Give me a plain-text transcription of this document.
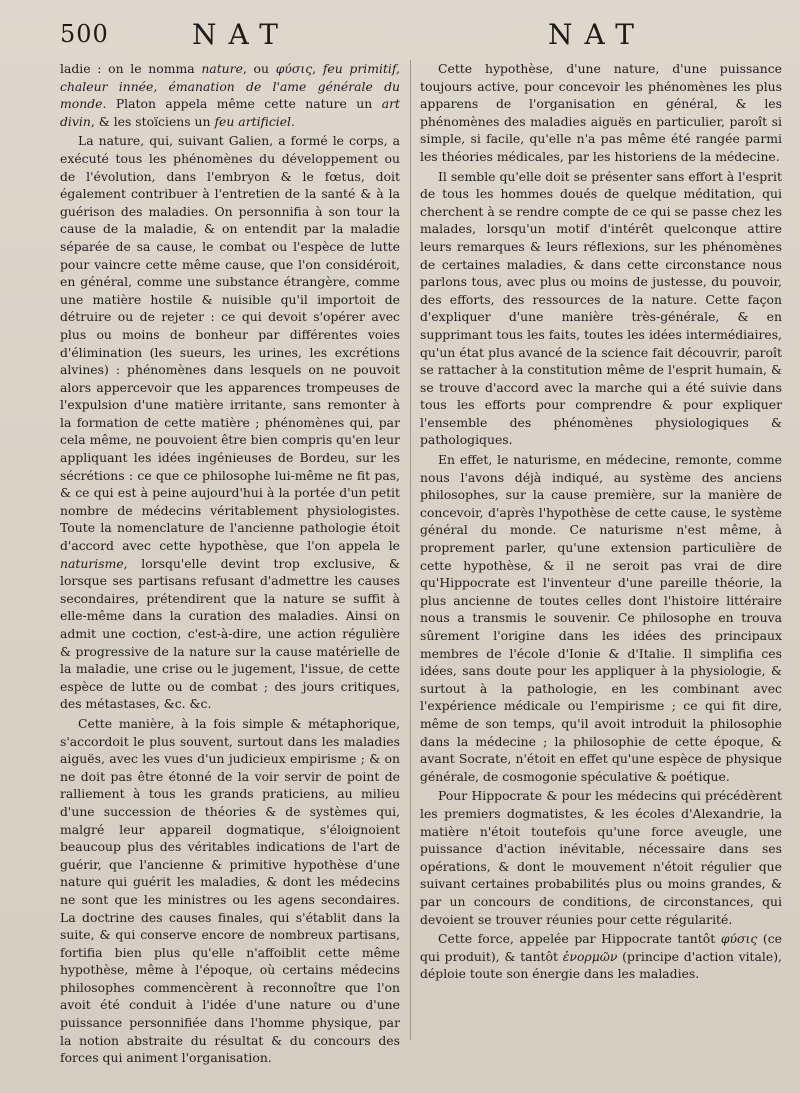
500	NAT	NAT

ladie : on le nomma nature, ou φύσις, feu primitif, chaleur innée, émanation de l'ame générale du monde. Platon appela même cette nature un art divin, & les stoïciens un feu artificiel.

La nature, qui, suivant Galien, a formé le corps, a exécuté tous les phénomènes du développement ou de l'évolution, dans l'embryon & le fœtus, doit également contribuer à l'entretien de la santé & à la guérison des maladies. On personnifia à son tour la cause de la maladie, & on entendit par la maladie séparée de sa cause, le combat ou l'espèce de lutte pour vaincre cette même cause, que l'on considéroit, en général, comme une substance étrangère, comme une matière hostile & nuisible qu'il importoit de détruire ou de rejeter : ce qui devoit s'opérer avec plus ou moins de bonheur par différentes voies d'élimination (les sueurs, les urines, les excrétions alvines) : phénomènes dans lesquels on ne pouvoit alors appercevoir que les apparences trompeuses de l'expulsion d'une matière irritante, sans remonter à la formation de cette matière ; phénomènes qui, par cela même, ne pouvoient être bien compris qu'en leur appliquant les idées ingénieuses de Bordeu, sur les sécrétions : ce que ce philosophe lui-même ne fit pas, & ce qui est à peine aujourd'hui à la portée d'un petit nombre de médecins véritablement physiologistes. Toute la nomenclature de l'ancienne pathologie étoit d'accord avec cette hypothèse, que l'on appela le naturisme, lorsqu'elle devint trop exclusive, & lorsque ses partisans refusant d'admettre les causes secondaires, prétendirent que la nature se suffit à elle-même dans la curation des maladies. Ainsi on admit une coction, c'est-à-dire, une action régulière & progressive de la nature sur la cause matérielle de la maladie, une crise ou le jugement, l'issue, de cette espèce de lutte ou de combat ; des jours critiques, des métastases, &c. &c.

Cette manière, à la fois simple & métaphorique, s'accordoit le plus souvent, surtout dans les maladies aiguës, avec les vues d'un judicieux empirisme ; & on ne doit pas être étonné de la voir servir de point de ralliement à tous les grands praticiens, au milieu d'une succession de théories & de systèmes qui, malgré leur appareil dogmatique, s'éloignoient beaucoup plus des véritables indications de l'art de guérir, que l'ancienne & primitive hypothèse d'une nature qui guérit les maladies, & dont les médecins ne sont que les ministres ou les agens secondaires. La doctrine des causes finales, qui s'établit dans la suite, & qui conserve encore de nombreux partisans, fortifia bien plus qu'elle n'affoiblit cette même hypothèse, même à l'époque, où certains médecins philosophes commencèrent à reconnoître que l'on avoit été conduit à l'idée d'une nature ou d'une puissance personnifiée dans l'homme physique, par la notion abstraite du résultat & du concours des forces qui animent l'organisation.

Cette hypothèse, d'une nature, d'une puissance toujours active, pour concevoir les phénomènes les plus apparens de l'organisation en général, & les phénomènes des maladies aiguës en particulier, paroît si simple, si facile, qu'elle n'a pas même été rangée parmi les théories médicales, par les historiens de la médecine.

Il semble qu'elle doit se présenter sans effort à l'esprit de tous les hommes doués de quelque méditation, qui cherchent à se rendre compte de ce qui se passe chez les malades, lorsqu'un motif d'intérêt quelconque attire leurs remarques & leurs réflexions, sur les phénomènes de certaines maladies, & dans cette circonstance nous parlons tous, avec plus ou moins de justesse, du pouvoir, des efforts, des ressources de la nature. Cette façon d'expliquer d'une manière très-générale, & en supprimant tous les faits, toutes les idées intermédiaires, qu'un état plus avancé de la science fait découvrir, paroît se rattacher à la constitution même de l'esprit humain, & se trouve d'accord avec la marche qui a été suivie dans tous les efforts pour comprendre & pour expliquer l'ensemble des phénomènes physiologiques & pathologiques.

En effet, le naturisme, en médecine, remonte, comme nous l'avons déjà indiqué, au système des anciens philosophes, sur la cause première, sur la manière de concevoir, d'après l'hypothèse de cette cause, le système général du monde. Ce naturisme n'est même, à proprement parler, qu'une extension particulière de cette hypothèse, & il ne seroit pas vrai de dire qu'Hippocrate est l'inventeur d'une pareille théorie, la plus ancienne de toutes celles dont l'histoire littéraire nous a transmis le souvenir. Ce philosophe en trouva sûrement l'origine dans les idées des principaux membres de l'école d'Ionie & d'Italie. Il simplifia ces idées, sans doute pour les appliquer à la physiologie, & surtout à la pathologie, en les combinant avec l'expérience médicale ou l'empirisme ; ce qui fit dire, même de son temps, qu'il avoit introduit la philosophie dans la médecine ; la philosophie de cette époque, & avant Socrate, n'étoit en effet qu'une espèce de physique générale, de cosmogonie spéculative & poétique.

Pour Hippocrate & pour les médecins qui précédèrent les premiers dogmatistes, & les écoles d'Alexandrie, la matière n'étoit toutefois qu'une force aveugle, une puissance d'action inévitable, nécessaire dans ses opérations, & dont le mouvement n'étoit régulier que suivant certaines probabilités plus ou moins grandes, & par un concours de conditions, de circonstances, qui devoient se trouver réunies pour cette régularité.

Cette force, appelée par Hippocrate tantôt φύσις (ce qui produit), & tantôt ἐνορμῶν (principe d'action vitale), déploie toute son énergie dans les maladies.
